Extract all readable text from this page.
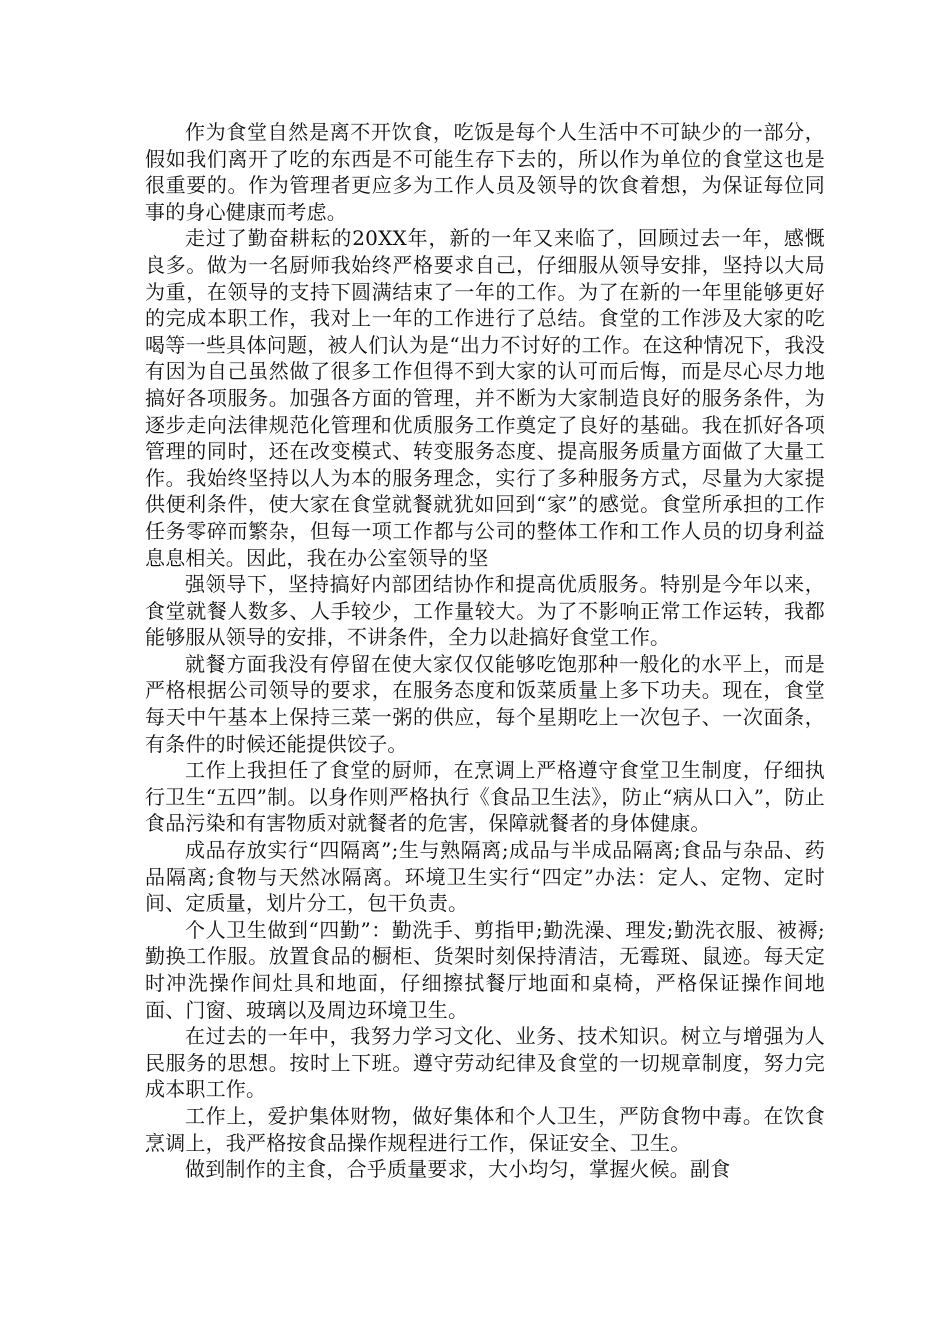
作为食堂自然是离不开饮食，吃饭是每个人生活中不可缺少的一部分，假如我们离开了吃的东西是不可能生存下去的，所以作为单位的食堂这也是很重要的。作为管理者更应多为工作人员及领导的饮食着想，为保证每位同事的身心健康而考虑。

走过了勤奋耕耘的20XX年，新的一年又来临了，回顾过去一年，感慨良多。做为一名厨师我始终严格要求自己，仔细服从领导安排，坚持以大局为重，在领导的支持下圆满结束了一年的工作。为了在新的一年里能够更好的完成本职工作，我对上一年的工作进行了总结。食堂的工作涉及大家的吃喝等一些具体问题，被人们认为是“出力不讨好的工作。在这种情况下，我没有因为自己虽然做了很多工作但得不到大家的认可而后悔，而是尽心尽力地搞好各项服务。加强各方面的管理，并不断为大家制造良好的服务条件，为逐步走向法律规范化管理和优质服务工作奠定了良好的基础。我在抓好各项管理的同时，还在改变模式、转变服务态度、提高服务质量方面做了大量工作。我始终坚持以人为本的服务理念，实行了多种服务方式，尽量为大家提供便利条件，使大家在食堂就餐就犹如回到“家”的感觉。食堂所承担的工作任务零碎而繁杂，但每一项工作都与公司的整体工作和工作人员的切身利益息息相关。因此，我在办公室领导的坚

强领导下，坚持搞好内部团结协作和提高优质服务。特别是今年以来，食堂就餐人数多、人手较少，工作量较大。为了不影响正常工作运转，我都能够服从领导的安排，不讲条件，全力以赴搞好食堂工作。

就餐方面我没有停留在使大家仅仅能够吃饱那种一般化的水平上，而是严格根据公司领导的要求，在服务态度和饭菜质量上多下功夫。现在，食堂每天中午基本上保持三菜一粥的供应，每个星期吃上一次包子、一次面条，有条件的时候还能提供饺子。

工作上我担任了食堂的厨师，在烹调上严格遵守食堂卫生制度，仔细执行卫生“五四”制。以身作则严格执行《食品卫生法》，防止“病从口入”，防止食品污染和有害物质对就餐者的危害，保障就餐者的身体健康。

成品存放实行“四隔离”;生与熟隔离;成品与半成品隔离;食品与杂品、药品隔离;食物与天然冰隔离。环境卫生实行“四定”办法：定人、定物、定时间、定质量，划片分工，包干负责。

个人卫生做到“四勤”：勤洗手、剪指甲;勤洗澡、理发;勤洗衣服、被褥;勤换工作服。放置食品的橱柜、货架时刻保持清洁，无霉斑、鼠迹。每天定时冲洗操作间灶具和地面，仔细擦拭餐厅地面和桌椅，严格保证操作间地面、门窗、玻璃以及周边环境卫生。

在过去的一年中，我努力学习文化、业务、技术知识。树立与增强为人民服务的思想。按时上下班。遵守劳动纪律及食堂的一切规章制度，努力完成本职工作。

工作上，爱护集体财物，做好集体和个人卫生，严防食物中毒。在饮食烹调上，我严格按食品操作规程进行工作，保证安全、卫生。

做到制作的主食，合乎质量要求，大小均匀，掌握火候。副食
